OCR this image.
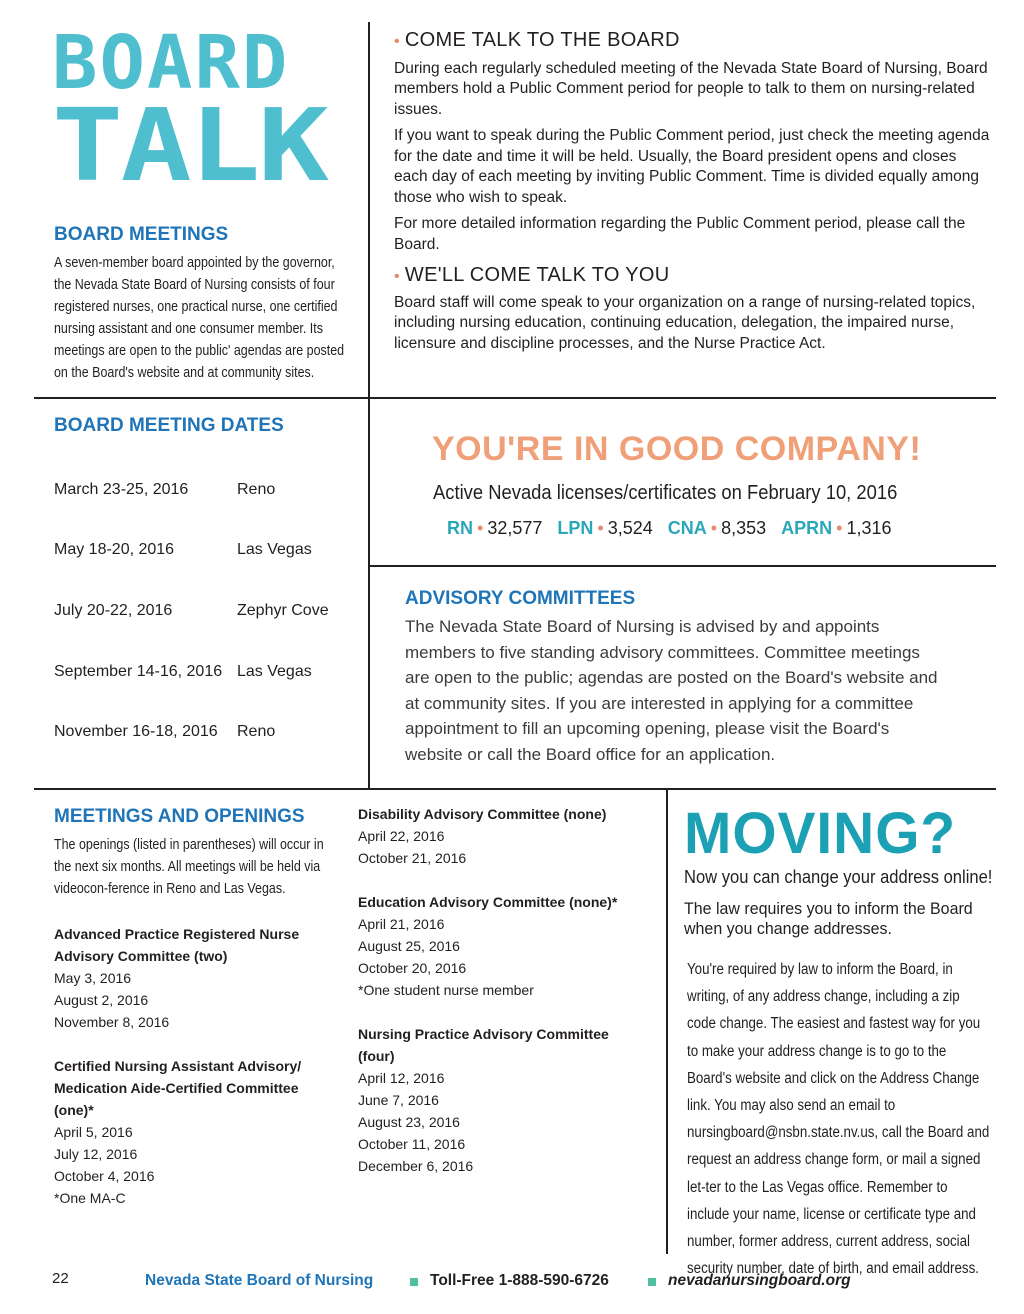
BOARD
TALK
BOARD MEETINGS
A seven-member board appointed by the governor, the Nevada State Board of Nursing consists of four registered nurses, one practical nurse, one certified nursing assistant and one consumer member. Its meetings are open to the public' agendas are posted on the Board's website and at community sites.
• COME TALK TO THE BOARD
During each regularly scheduled meeting of the Nevada State Board of Nursing, Board members hold a Public Comment period for people to talk to them on nursing-related issues.
If you want to speak during the Public Comment period, just check the meeting agenda for the date and time it will be held. Usually, the Board president opens and closes each day of each meeting by inviting Public Comment. Time is divided equally among those who wish to speak.
For more detailed information regarding the Public Comment period, please call the Board.
• WE'LL COME TALK TO YOU
Board staff will come speak to your organization on a range of nursing-related topics, including nursing education, continuing education, delegation, the impaired nurse, licensure and discipline processes, and the Nurse Practice Act.
BOARD MEETING DATES
March 23-25, 2016	Reno
May 18-20, 2016	Las Vegas
July 20-22, 2016	Zephyr Cove
September 14-16, 2016 Las Vegas
November 16-18, 2016 Reno
YOU'RE IN GOOD COMPANY!
Active Nevada licenses/certificates on February 10, 2016
RN • 32,577 LPN • 3,524 CNA • 8,353 APRN • 1,316
ADVISORY COMMITTEES
The Nevada State Board of Nursing is advised by and appoints members to five standing advisory committees. Committee meetings are open to the public; agendas are posted on the Board's website and at community sites. If you are interested in applying for a committee appointment to fill an upcoming opening, please visit the Board's website or call the Board office for an application.
MEETINGS AND OPENINGS
The openings (listed in parentheses) will occur in the next six months. All meetings will be held via videocon-ference in Reno and Las Vegas.
Advanced Practice Registered Nurse Advisory Committee (two)
May 3, 2016
August 2, 2016
November 8, 2016
Certified Nursing Assistant Advisory/ Medication Aide-Certified Committee (one)*
April 5, 2016
July 12, 2016
October 4, 2016
*One MA-C
Disability Advisory Committee (none)
April 22, 2016
October 21, 2016
Education Advisory Committee (none)*
April 21, 2016
August 25, 2016
October 20, 2016
*One student nurse member
Nursing Practice Advisory Committee (four)
April 12, 2016
June 7, 2016
August 23, 2016
October 11, 2016
December 6, 2016
MOVING?
Now you can change your address online!
The law requires you to inform the Board when you change addresses.
You're required by law to inform the Board, in writing, of any address change, including a zip code change. The easiest and fastest way for you to make your address change is to go to the Board's website and click on the Address Change link. You may also send an email to nursingboard@nsbn.state.nv.us, call the Board and request an address change form, or mail a signed let-ter to the Las Vegas office. Remember to include your name, license or certificate type and number, former address, current address, social security number, date of birth, and email address.
22	Nevada State Board of Nursing	Toll-Free 1-888-590-6726	nevadanursingboard.org
